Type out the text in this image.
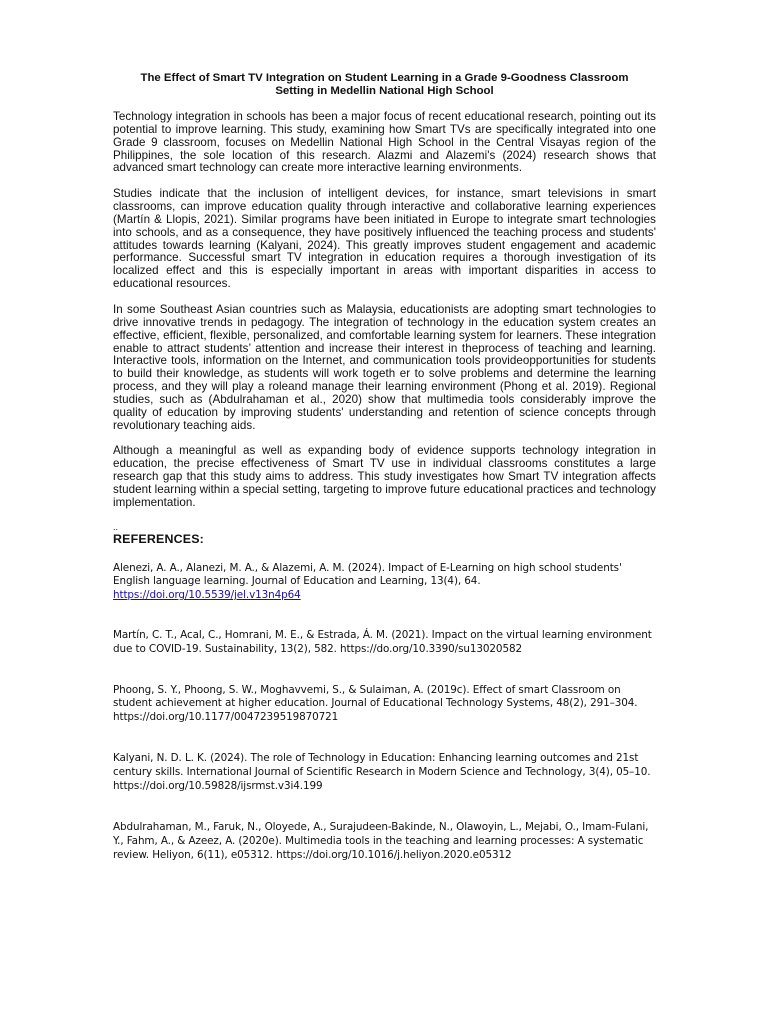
The Effect of Smart TV Integration on Student Learning in a Grade 9-Goodness Classroom Setting in Medellin National High School

Technology integration in schools has been a major focus of recent educational research, pointing out its potential to improve learning. This study, examining how Smart TVs are specifically integrated into one Grade 9 classroom, focuses on Medellin National High School in the Central Visayas region of the Philippines, the sole location of this research. Alazmi and Alazemi's (2024) research shows that advanced smart technology can create more interactive learning environments.

Studies indicate that the inclusion of intelligent devices, for instance, smart televisions in smart classrooms, can improve education quality through interactive and collaborative learning experiences (Martín & Llopis, 2021). Similar programs have been initiated in Europe to integrate smart technologies into schools, and as a consequence, they have positively influenced the teaching process and students' attitudes towards learning (Kalyani, 2024). This greatly improves student engagement and academic performance. Successful smart TV integration in education requires a thorough investigation of its localized effect and this is especially important in areas with important disparities in access to educational resources.

In some Southeast Asian countries such as Malaysia, educationists are adopting smart technologies to drive innovative trends in pedagogy. The integration of technology in the education system creates an effective, efficient, flexible, personalized, and comfortable learning system for learners. These integration enable to attract students’ attention and increase their interest in theprocess of teaching and learning. Interactive tools, information on the Internet, and communication tools provideopportunities for students to build their knowledge, as students will work togeth er to solve problems and determine the learning process, and they will play a roleand manage their learning environment (Phong et al. 2019). Regional studies, such as (Abdulrahaman et al., 2020) show that multimedia tools considerably improve the quality of education by improving students' understanding and retention of science concepts through revolutionary teaching aids.

Although a meaningful as well as expanding body of evidence supports technology integration in education, the precise effectiveness of Smart TV use in individual classrooms constitutes a large research gap that this study aims to address. This study investigates how Smart TV integration affects student learning within a special setting, targeting to improve future educational practices and technology implementation.

..
REFERENCES:

Alenezi, A. A., Alanezi, M. A., & Alazemi, A. M. (2024). Impact of E-Learning on high school students' English language learning. Journal of Education and Learning, 13(4), 64. https://doi.org/10.5539/jel.v13n4p64

Martín, C. T., Acal, C., Homrani, M. E., & Estrada, Á. M. (2021). Impact on the virtual learning environment due to COVID-19. Sustainability, 13(2), 582. https://do.org/10.3390/su13020582

Phoong, S. Y., Phoong, S. W., Moghavvemi, S., & Sulaiman, A. (2019c). Effect of smart Classroom on student achievement at higher education. Journal of Educational Technology Systems, 48(2), 291–304. https://doi.org/10.1177/0047239519870721

Kalyani, N. D. L. K. (2024). The role of Technology in Education: Enhancing learning outcomes and 21st century skills. International Journal of Scientific Research in Modern Science and Technology, 3(4), 05–10. https://doi.org/10.59828/ijsrmst.v3i4.199

Abdulrahaman, M., Faruk, N., Oloyede, A., Surajudeen-Bakinde, N., Olawoyin, L., Mejabi, O., Imam-Fulani, Y., Fahm, A., & Azeez, A. (2020e). Multimedia tools in the teaching and learning processes: A systematic review. Heliyon, 6(11), e05312. https://doi.org/10.1016/j.heliyon.2020.e05312
